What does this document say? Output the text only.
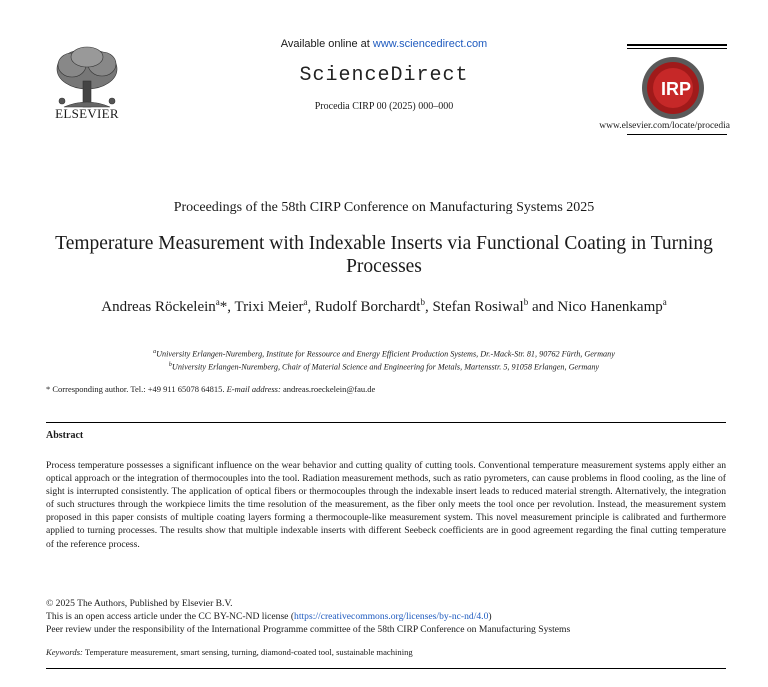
ELSEVIER
Available online at www.sciencedirect.com
ScienceDirect
Procedia CIRP 00 (2025) 000–000
IRP
www.elsevier.com/locate/procedia
Proceedings of the 58th CIRP Conference on Manufacturing Systems 2025
Temperature Measurement with Indexable Inserts via Functional Coating in Turning Processes
Andreas Röckelein$^a$*, Trixi Meier$^a$, Rudolf Borchardt$^b$, Stefan Rosiwal$^b$ and Nico Hanenkamp$^a$
$^a$University Erlangen-Nuremberg, Institute for Ressource and Energy Efficient Production Systems, Dr.-Mack-Str. 81, 90762 Fürth, Germany
$^b$University Erlangen-Nuremberg, Chair of Material Science and Engineering for Metals, Martensstr. 5, 91058 Erlangen, Germany
* Corresponding author. Tel.: +49 911 65078 64815. E-mail address: andreas.roeckelein@fau.de
Abstract
Process temperature possesses a significant influence on the wear behavior and cutting quality of cutting tools. Conventional temperature measurement systems apply either an optical approach or the integration of thermocouples into the tool. Radiation measurement methods, such as ratio pyrometers, can cause problems in flood cooling, as the line of sight is interrupted consistently. The application of optical fibers or thermocouples through the indexable insert leads to reduced material strength. Alternatively, the integration of such structures through the workpiece limits the time resolution of the measurement, as the fiber only meets the tool once per revolution. Instead, the measurement system proposed in this paper consists of multiple coating layers forming a thermocouple-like measurement system. This novel measurement principle is calibrated and furthermore applied to turning processes. The results show that multiple indexable inserts with different Seebeck coefficients are in good agreement regarding the final cutting temperature of the reference process.
© 2025 The Authors, Published by Elsevier B.V.
This is an open access article under the CC BY-NC-ND license (https://creativecommons.org/licenses/by-nc-nd/4.0)
Peer review under the responsibility of the International Programme committee of the 58th CIRP Conference on Manufacturing Systems
Keywords: Temperature measurement, smart sensing, turning, diamond-coated tool, sustainable machining
